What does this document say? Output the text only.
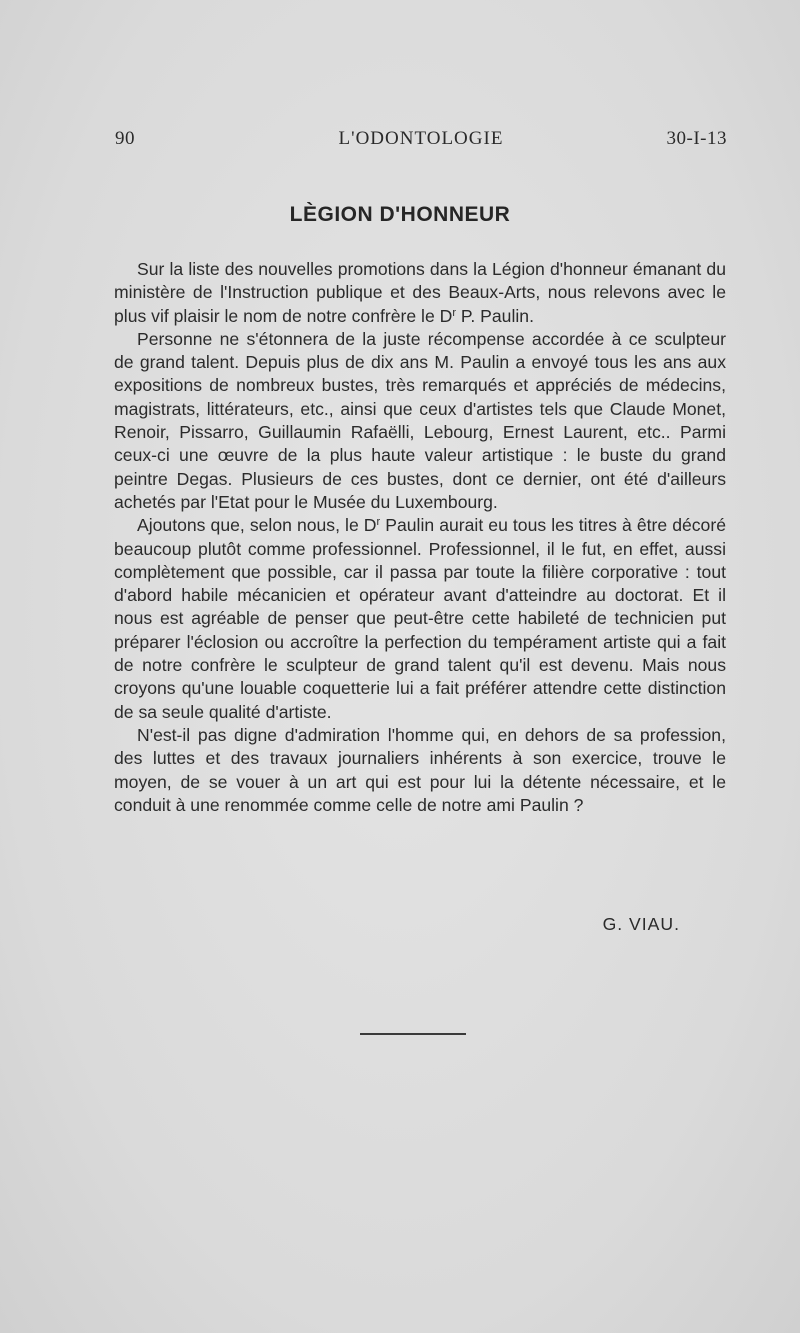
90	L'ODONTOLOGIE	30-I-13
LÈGION D'HONNEUR

Sur la liste des nouvelles promotions dans la Légion d'honneur émanant du ministère de l'Instruction publique et des Beaux-Arts, nous relevons avec le plus vif plaisir le nom de notre confrère le $D^r$ P. Paulin.

Personne ne s'étonnera de la juste récompense accordée à ce sculpteur de grand talent. Depuis plus de dix ans M. Paulin a envoyé tous les ans aux expositions de nombreux bustes, très remarqués et appréciés de médecins, magistrats, littérateurs, etc., ainsi que ceux d'artistes tels que Claude Monet, Renoir, Pissarro, Guillaumin Rafaëlli, Lebourg, Ernest Laurent, etc.. Parmi ceux-ci une œuvre de la plus haute valeur artistique : le buste du grand peintre Degas. Plusieurs de ces bustes, dont ce dernier, ont été d'ailleurs achetés par l'Etat pour le Musée du Luxembourg.

Ajoutons que, selon nous, le $D^r$ Paulin aurait eu tous les titres à être décoré beaucoup plutôt comme professionnel. Professionnel, il le fut, en effet, aussi complètement que possible, car il passa par toute la filière corporative : tout d'abord habile mécanicien et opérateur avant d'atteindre au doctorat. Et il nous est agréable de penser que peut-être cette habileté de technicien put préparer l'éclosion ou accroître la perfection du tempérament artiste qui a fait de notre confrère le sculpteur de grand talent qu'il est devenu. Mais nous croyons qu'une louable coquetterie lui a fait préférer attendre cette distinction de sa seule qualité d'artiste.

N'est-il pas digne d'admiration l'homme qui, en dehors de sa profession, des luttes et des travaux journaliers inhérents à son exercice, trouve le moyen, de se vouer à un art qui est pour lui la détente nécessaire, et le conduit à une renommée comme celle de notre ami Paulin ?

G. VIAU.
